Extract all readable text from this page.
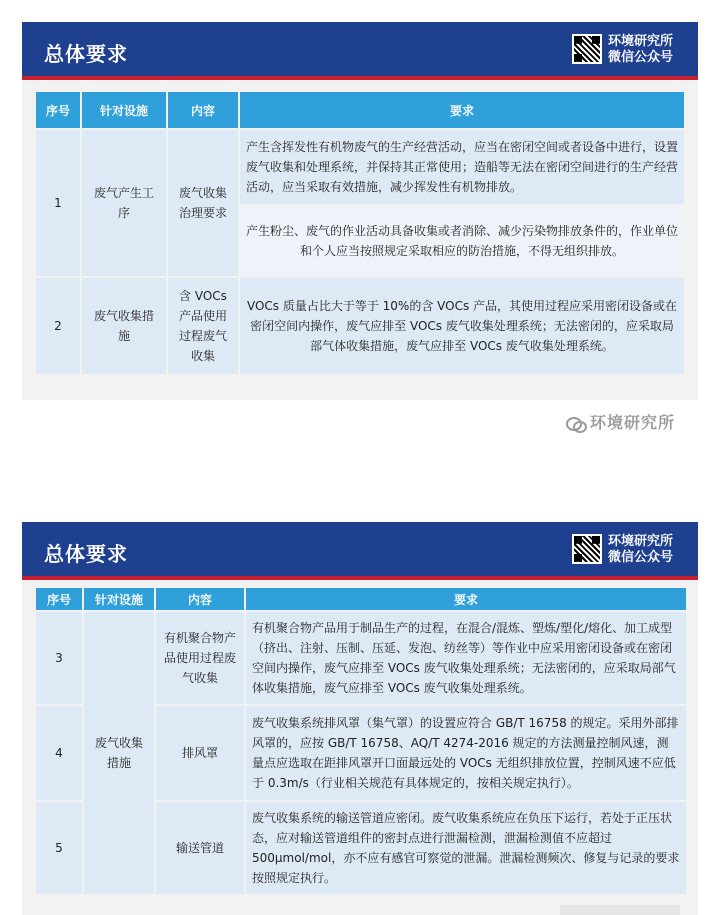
总体要求
环境研究所
微信公众号
序号	针对设施	内容	要求
1	废气产生工序	废气收集治理要求	产生含挥发性有机物废气的生产经营活动，应当在密闭空间或者设备中进行，设置废气收集和处理系统，并保持其正常使用；造船等无法在密闭空间进行的生产经营活动，应当采取有效措施，减少挥发性有机物排放。
			产生粉尘、废气的作业活动具备收集或者消除、减少污染物排放条件的，作业单位和个人应当按照规定采取相应的防治措施，不得无组织排放。
2	废气收集措施	含 VOCs 产品使用过程废气收集	VOCs 质量占比大于等于 10%的含 VOCs 产品，其使用过程应采用密闭设备或在密闭空间内操作，废气应排至 VOCs 废气收集处理系统；无法密闭的，应采取局部气体收集措施，废气应排至 VOCs 废气收集处理系统。
环境研究所
总体要求
环境研究所
微信公众号
序号	针对设施	内容	要求
3	废气收集措施	有机聚合物产品使用过程废气收集	有机聚合物产品用于制品生产的过程，在混合/混炼、塑炼/塑化/熔化、加工成型（挤出、注射、压制、压延、发泡、纺丝等）等作业中应采用密闭设备或在密闭空间内操作，废气应排至 VOCs 废气收集处理系统；无法密闭的，应采取局部气体收集措施，废气应排至 VOCs 废气收集处理系统。
4		排风罩	废气收集系统排风罩（集气罩）的设置应符合 GB/T 16758 的规定。采用外部排风罩的，应按 GB/T 16758、AQ/T 4274-2016 规定的方法测量控制风速，测量点应选取在距排风罩开口面最远处的 VOCs 无组织排放位置，控制风速不应低于 0.3m/s（行业相关规范有具体规定的，按相关规定执行）。
5		输送管道	废气收集系统的输送管道应密闭。废气收集系统应在负压下运行，若处于正压状态，应对输送管道组件的密封点进行泄漏检测，泄漏检测值不应超过 500μmol/mol，亦不应有感官可察觉的泄漏。泄漏检测频次、修复与记录的要求按照规定执行。
